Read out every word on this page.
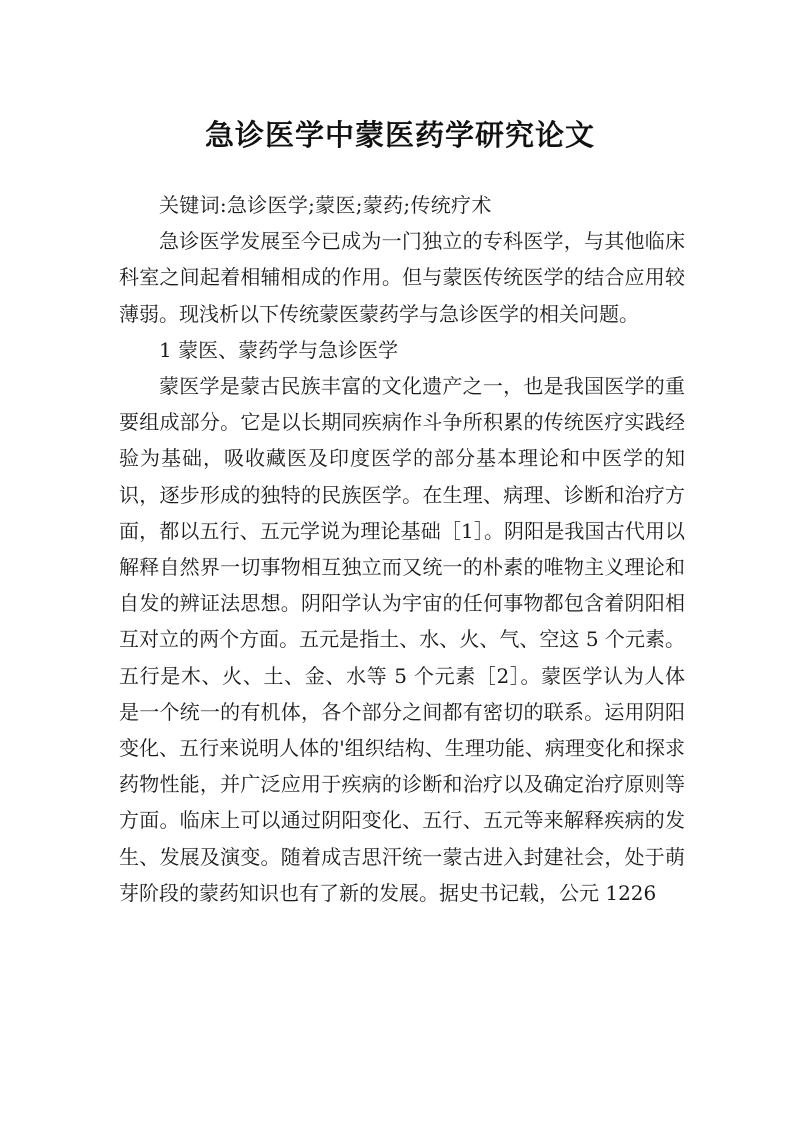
急诊医学中蒙医药学研究论文

关键词:急诊医学;蒙医;蒙药;传统疗术

急诊医学发展至今已成为一门独立的专科医学，与其他临床科室之间起着相辅相成的作用。但与蒙医传统医学的结合应用较薄弱。现浅析以下传统蒙医蒙药学与急诊医学的相关问题。

1 蒙医、蒙药学与急诊医学

蒙医学是蒙古民族丰富的文化遗产之一，也是我国医学的重要组成部分。它是以长期同疾病作斗争所积累的传统医疗实践经验为基础，吸收藏医及印度医学的部分基本理论和中医学的知识，逐步形成的独特的民族医学。在生理、病理、诊断和治疗方面，都以五行、五元学说为理论基础［1］。阴阳是我国古代用以解释自然界一切事物相互独立而又统一的朴素的唯物主义理论和自发的辨证法思想。阴阳学认为宇宙的任何事物都包含着阴阳相互对立的两个方面。五元是指土、水、火、气、空这 5 个元素。五行是木、火、土、金、水等 5 个元素［2］。蒙医学认为人体是一个统一的有机体，各个部分之间都有密切的联系。运用阴阳变化、五行来说明人体的'组织结构、生理功能、病理变化和探求药物性能，并广泛应用于疾病的诊断和治疗以及确定治疗原则等方面。临床上可以通过阴阳变化、五行、五元等来解释疾病的发生、发展及演变。随着成吉思汗统一蒙古进入封建社会，处于萌芽阶段的蒙药知识也有了新的发展。据史书记载，公元 1226
